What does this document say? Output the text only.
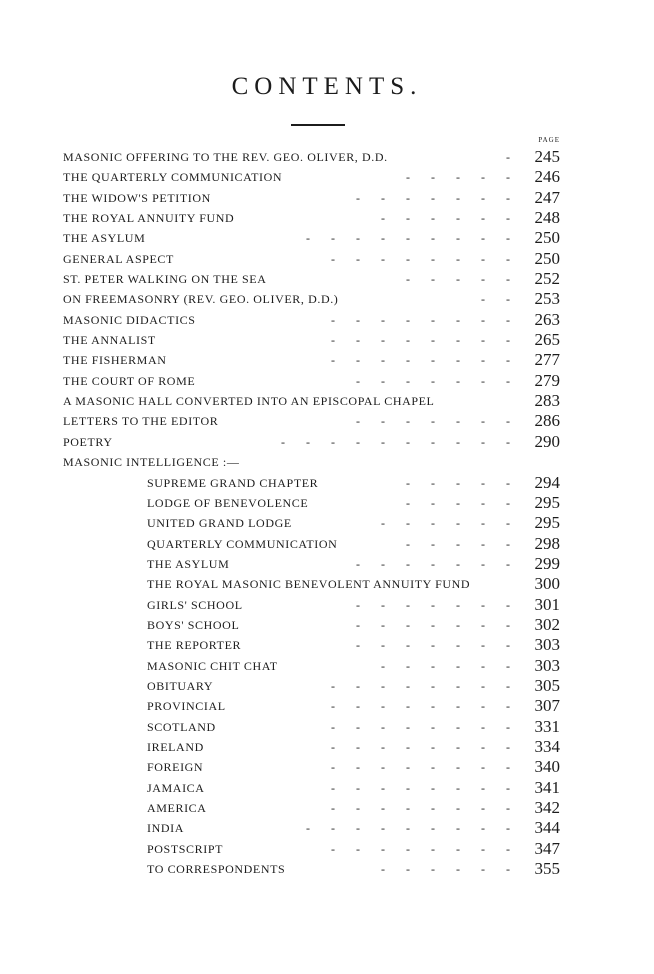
CONTENTS.
PAGE
MASONIC OFFERING TO THE REV. GEO. OLIVER, D.D.	- 245
THE QUARTERLY COMMUNICATION	- - - - - 246
THE WIDOW'S PETITION	- - - - - - - 247
THE ROYAL ANNUITY FUND	- - - - - - 248
THE ASYLUM	- - - - - - - - - 250
GENERAL ASPECT	- - - - - - - - 250
ST. PETER WALKING ON THE SEA	- - - - - 252
ON FREEMASONRY (REV. GEO. OLIVER, D.D.)	- - 253
MASONIC DIDACTICS	- - - - - - - - 263
THE ANNALIST	- - - - - - - - 265
THE FISHERMAN	- - - - - - - - 277
THE COURT OF ROME	- - - - - - - 279
A MASONIC HALL CONVERTED INTO AN EPISCOPAL CHAPEL	283
LETTERS TO THE EDITOR	- - - - - - - 286
POETRY	- - - - - - - - - - 290
MASONIC INTELLIGENCE :—
SUPREME GRAND CHAPTER	- - - - - 294
LODGE OF BENEVOLENCE	- - - - - 295
UNITED GRAND LODGE	- - - - - - 295
QUARTERLY COMMUNICATION	- - - - - 298
THE ASYLUM	- - - - - - - 299
THE ROYAL MASONIC BENEVOLENT ANNUITY FUND	300
GIRLS' SCHOOL	- - - - - - - 301
BOYS' SCHOOL	- - - - - - - 302
THE REPORTER	- - - - - - - 303
MASONIC CHIT CHAT	- - - - - - 303
OBITUARY	- - - - - - - - 305
PROVINCIAL	- - - - - - - - 307
SCOTLAND	- - - - - - - - 331
IRELAND	- - - - - - - - 334
FOREIGN	- - - - - - - - 340
JAMAICA	- - - - - - - - 341
AMERICA	- - - - - - - - 342
INDIA	- - - - - - - - - 344
POSTSCRIPT	- - - - - - - - 347
TO CORRESPONDENTS	- - - - - - 355
